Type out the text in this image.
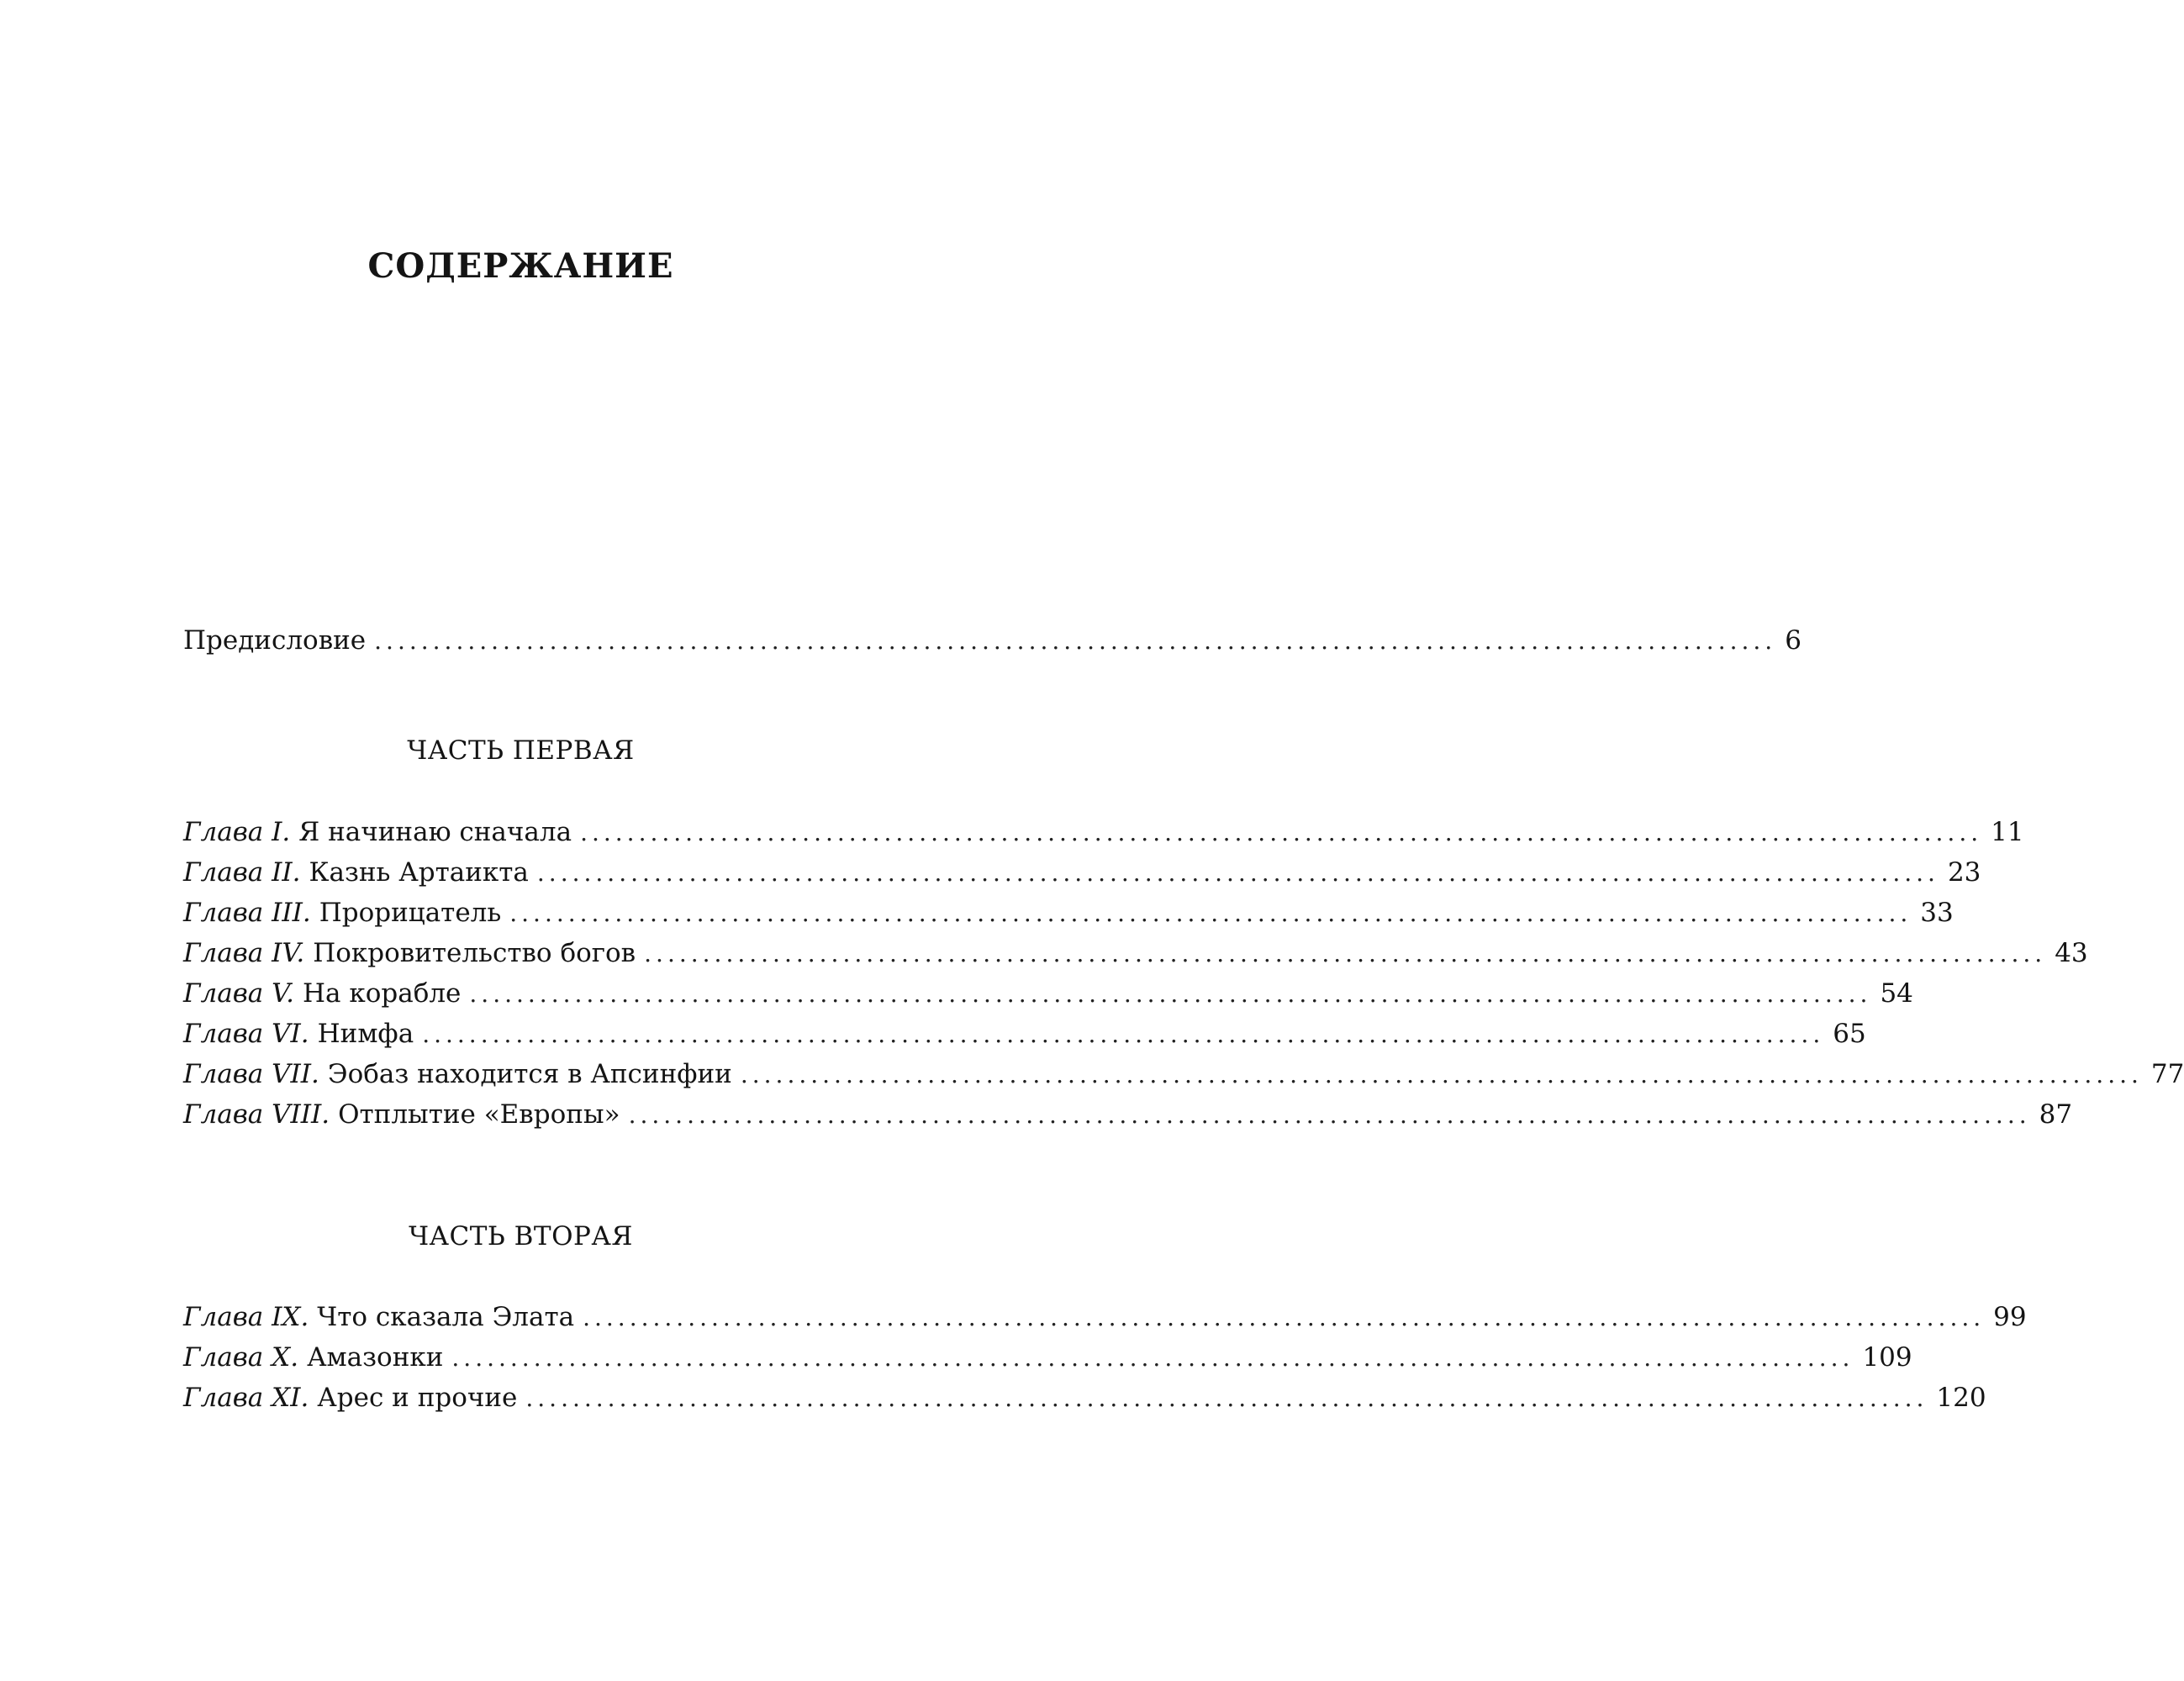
СОДЕРЖАНИЕ
Предисловие ........................................................................................................................ 6
ЧАСТЬ ПЕРВАЯ
Глава I. Я начинаю сначала ........................................................................................................................ 11
Глава II. Казнь Артаикта ........................................................................................................................ 23
Глава III. Прорицатель ........................................................................................................................ 33
Глава IV. Покровительство богов ........................................................................................................................ 43
Глава V. На корабле ........................................................................................................................ 54
Глава VI. Нимфа ........................................................................................................................ 65
Глава VII. Эобаз находится в Апсинфии ........................................................................................................................ 77
Глава VIII. Отплытие «Европы» ........................................................................................................................ 87
ЧАСТЬ ВТОРАЯ
Глава IX. Что сказала Элата ........................................................................................................................ 99
Глава X. Амазонки ........................................................................................................................ 109
Глава XI. Арес и прочие ........................................................................................................................ 120
